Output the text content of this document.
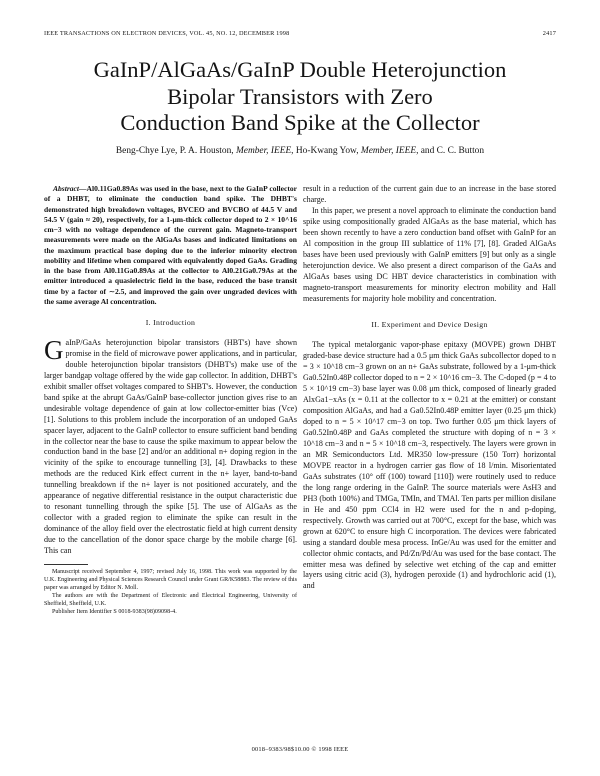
IEEE TRANSACTIONS ON ELECTRON DEVICES, VOL. 45, NO. 12, DECEMBER 1998	2417
GaInP/AlGaAs/GaInP Double Heterojunction
Bipolar Transistors with Zero
Conduction Band Spike at the Collector
Beng-Chye Lye, P. A. Houston, Member, IEEE, Ho-Kwang Yow, Member, IEEE, and C. C. Button

Abstract—Al0.11Ga0.89As was used in the base, next to the GaInP collector of a DHBT, to eliminate the conduction band spike. The DHBT's demonstrated high breakdown voltages, BVCEO and BVCBO of 44.5 V and 54.5 V (gain ≈ 20), respectively, for a 1-μm-thick collector doped to 2 × 10^16 cm−3 with no voltage dependence of the current gain. Magneto-transport measurements were made on the AlGaAs bases and indicated limitations on the maximum practical base doping due to the inferior minority electron mobility and lifetime when compared with equivalently doped GaAs. Grading in the base from Al0.11Ga0.89As at the collector to Al0.21Ga0.79As at the emitter introduced a quasielectric field in the base, reduced the base transit time by a factor of ∼2.5, and improved the gain over ungraded devices with the same average Al concentration.

I. Introduction

GaInP/GaAs heterojunction bipolar transistors (HBT's) have shown promise in the field of microwave power applications, and in particular, double heterojunction bipolar transistors (DHBT's) make use of the larger bandgap voltage offered by the wide gap collector. In addition, DHBT's exhibit smaller offset voltages compared to SHBT's. However, the conduction band spike at the abrupt GaAs/GaInP base-collector junction gives rise to an undesirable voltage dependence of gain at low collector-emitter bias (Vce) [1]. Solutions to this problem include the incorporation of an undoped GaAs spacer layer, adjacent to the GaInP collector to ensure sufficient band bending in the collector near the base to cause the spike maximum to appear below the conduction band in the base [2] and/or an additional n+ doping region in the vicinity of the spike to encourage tunnelling [3], [4]. Drawbacks to these methods are the reduced Kirk effect current in the n+ layer, band-to-band tunnelling breakdown if the n+ layer is not positioned accurately, and the appearance of negative differential resistance in the output characteristic due to resonant tunnelling through the spike [5]. The use of AlGaAs as the collector with a graded region to eliminate the spike can result in the dominance of the alloy field over the electrostatic field at high current density due to the cancellation of the donor space charge by the mobile charge [6]. This can

Manuscript received September 4, 1997; revised July 16, 1998. This work was supported by the U.K. Engineering and Physical Sciences Research Council under Grant GR/K58883. The review of this paper was arranged by Editor N. Moll.

The authors are with the Department of Electronic and Electrical Engineering, University of Sheffield, Sheffield, U.K.

Publisher Item Identifier S 0018-9383(98)09098-4.

result in a reduction of the current gain due to an increase in the base stored charge.

In this paper, we present a novel approach to eliminate the conduction band spike using compositionally graded AlGaAs as the base material, which has been shown recently to have a zero conduction band offset with GaInP for an Al composition in the group III sublattice of 11% [7], [8]. Graded AlGaAs bases have been used previously with GaInP emitters [9] but only as a single heterojunction device. We also present a direct comparison of the GaAs and AlGaAs bases using DC HBT device characteristics in combination with magneto-transport measurements for minority electron mobility and Hall measurements for majority hole mobility and concentration.

II. Experiment and Device Design

The typical metalorganic vapor-phase epitaxy (MOVPE) grown DHBT graded-base device structure had a 0.5 μm thick GaAs subcollector doped to n = 3 × 10^18 cm−3 grown on an n+ GaAs substrate, followed by a 1-μm-thick Ga0.52In0.48P collector doped to n = 2 × 10^16 cm−3. The C-doped (p = 4 to 5 × 10^19 cm−3) base layer was 0.08 μm thick, composed of linearly graded AlxGa1−xAs (x = 0.11 at the collector to x = 0.21 at the emitter) or constant composition AlGaAs, and had a Ga0.52In0.48P emitter layer (0.25 μm thick) doped to n = 5 × 10^17 cm−3 on top. Two further 0.05 μm thick layers of Ga0.52In0.48P and GaAs completed the structure with doping of n = 3 × 10^18 cm−3 and n = 5 × 10^18 cm−3, respectively. The layers were grown in an MR Semiconductors Ltd. MR350 low-pressure (150 Torr) horizontal MOVPE reactor in a hydrogen carrier gas flow of 18 l/min. Misorientated GaAs substrates (10° off (100) toward [110]) were routinely used to reduce the long range ordering in the GaInP. The source materials were AsH3 and PH3 (both 100%) and TMGa, TMIn, and TMAl. Ten parts per million disilane in He and 450 ppm CCl4 in H2 were used for the n and p-doping, respectively. Growth was carried out at 700°C, except for the base, which was grown at 620°C to ensure high C incorporation. The devices were fabricated using a standard double mesa process. InGe/Au was used for the emitter and collector ohmic contacts, and Pd/Zn/Pd/Au was used for the base contact. The emitter mesa was defined by selective wet etching of the cap and emitter layers using citric acid (3), hydrogen peroxide (1) and hydrochloric acid (1), and

0018–9383/98$10.00 © 1998 IEEE
